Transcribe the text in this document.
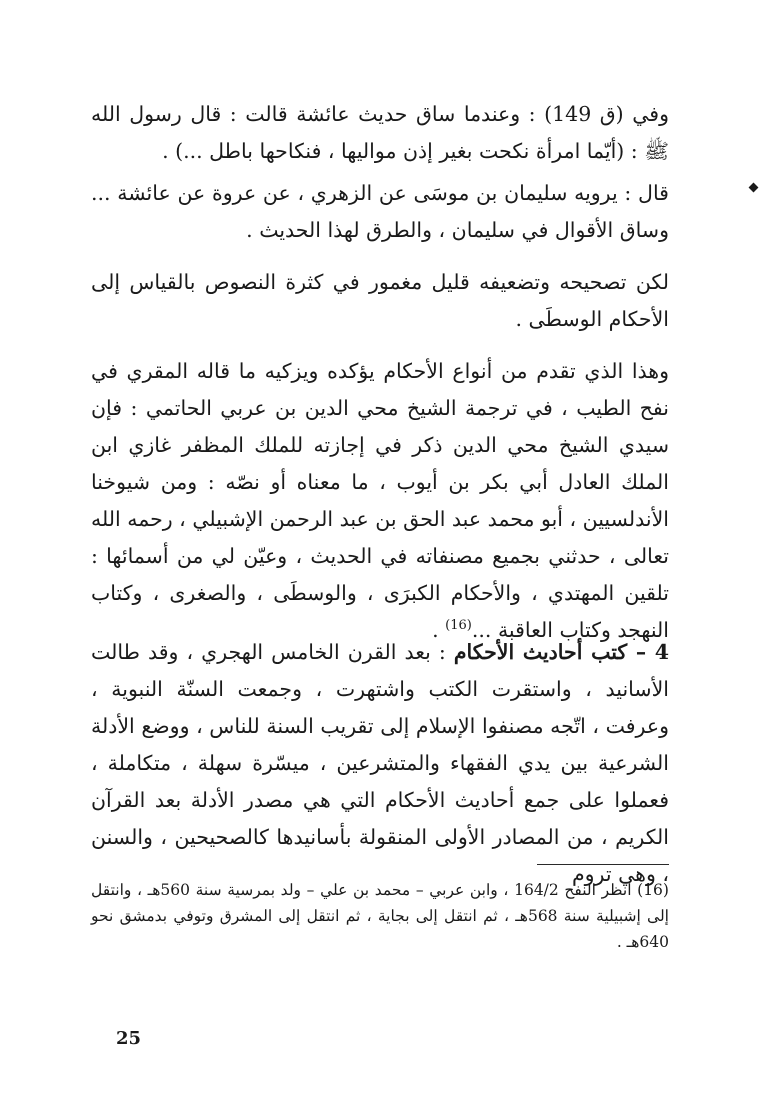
وفي (ق 149) : وعندما ساق حديث عائشة قالت : قال رسول الله ﷺ : (أيّما امرأة نكحت بغير إذن مواليها ، فنكاحها باطل ...) .

قال : يرويه سليمان بن موسَى عن الزهري ، عن عروة عن عائشة ... وساق الأقوال في سليمان ، والطرق لهذا الحديث .

لكن تصحيحه وتضعيفه قليل مغمور في كثرة النصوص بالقياس إلى الأحكام الوسطَى .

وهذا الذي تقدم من أنواع الأحكام يؤكده ويزكيه ما قاله المقري في نفح الطيب ، في ترجمة الشيخ محي الدين بن عربي الحاتمي : فإن سيدي الشيخ محي الدين ذكر في إجازته للملك المظفر غازي ابن الملك العادل أبي بكر بن أيوب ، ما معناه أو نصّه : ومن شيوخنا الأندلسيين ، أبو محمد عبد الحق بن عبد الرحمن الإشبيلي ، رحمه الله تعالى ، حدثني بجميع مصنفاته في الحديث ، وعيّن لي من أسمائها : تلقين المهتدي ، والأحكام الكبرَى ، والوسطَى ، والصغرى ، وكتاب النهجد وكتاب العاقبة ...$^{(16)}$ .

4 – كتب أحاديث الأحكام : بعد القرن الخامس الهجري ، وقد طالت الأسانيد ، واستقرت الكتب واشتهرت ، وجمعت السنّة النبوية ، وعرفت ، اتّجه مصنفوا الإسلام إلى تقريب السنة للناس ، ووضع الأدلة الشرعية بين يدي الفقهاء والمتشرعين ، ميسّرة سهلة ، متكاملة ، فعملوا على جمع أحاديث الأحكام التي هي مصدر الأدلة بعد القرآن الكريم ، من المصادر الأولى المنقولة بأسانيدها كالصحيحين ، والسنن ، وهي تروم

(16) انظر النفح 164/2 ، وابن عربي – محمد بن علي – ولد بمرسية سنة 560هـ ، وانتقل إلى إشبيلية سنة 568هـ ، ثم انتقل إلى بجاية ، ثم انتقل إلى المشرق وتوفي بدمشق نحو 640هـ .

25
